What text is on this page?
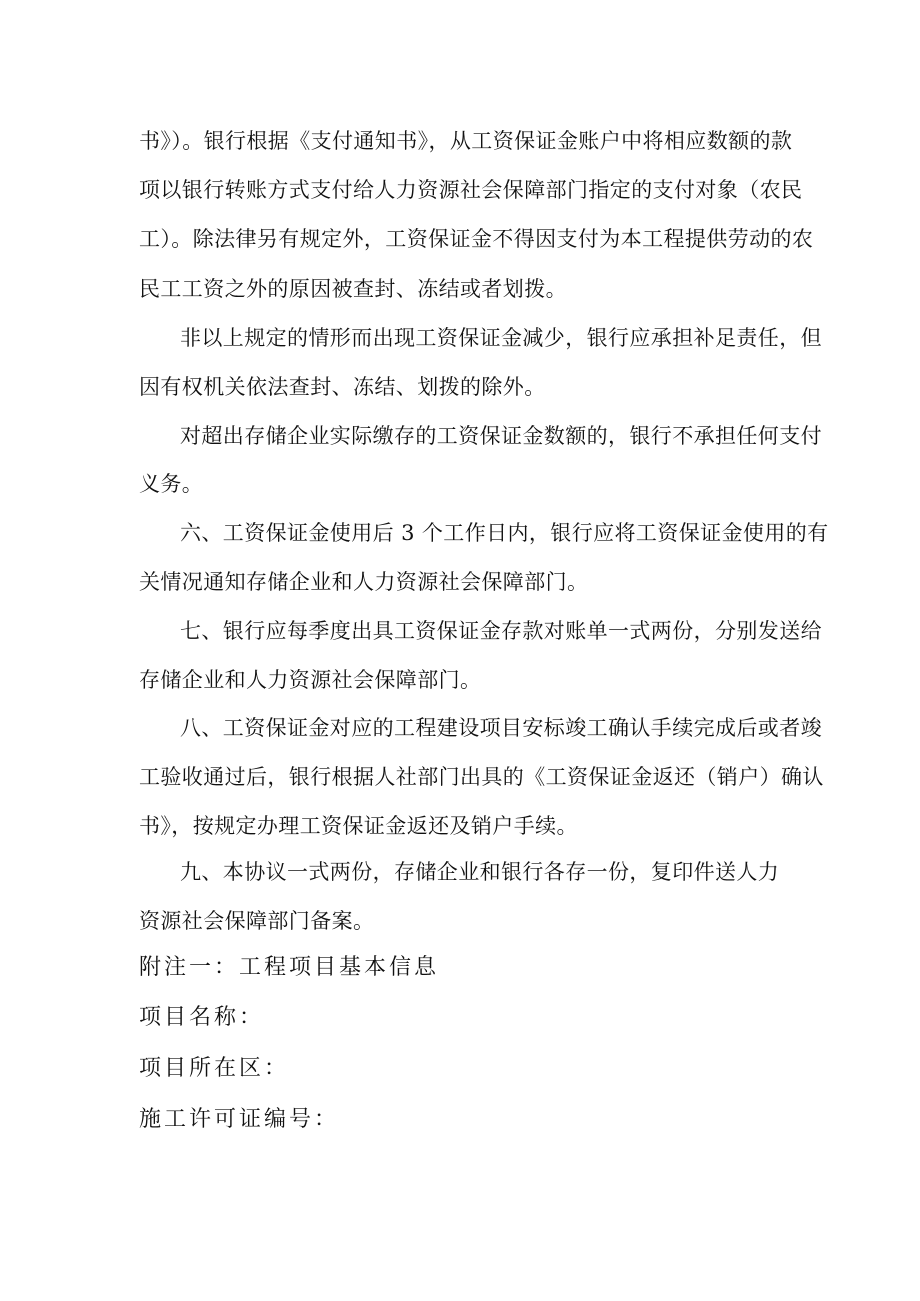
书》）。银行根据《支付通知书》，从工资保证金账户中将相应数额的款
项以银行转账方式支付给人力资源社会保障部门指定的支付对象（农民
工）。除法律另有规定外，工资保证金不得因支付为本工程提供劳动的农
民工工资之外的原因被查封、冻结或者划拨。
非以上规定的情形而出现工资保证金减少，银行应承担补足责任，但
因有权机关依法查封、冻结、划拨的除外。
对超出存储企业实际缴存的工资保证金数额的，银行不承担任何支付
义务。
六、工资保证金使用后 3 个工作日内，银行应将工资保证金使用的有
关情况通知存储企业和人力资源社会保障部门。
七、银行应每季度出具工资保证金存款对账单一式两份，分别发送给
存储企业和人力资源社会保障部门。
八、工资保证金对应的工程建设项目安标竣工确认手续完成后或者竣
工验收通过后，银行根据人社部门出具的《工资保证金返还（销户）确认
书》，按规定办理工资保证金返还及销户手续。
九、本协议一式两份，存储企业和银行各存一份，复印件送人力
资源社会保障部门备案。
附注一：工程项目基本信息
项目名称：
项目所在区：
施工许可证编号：
